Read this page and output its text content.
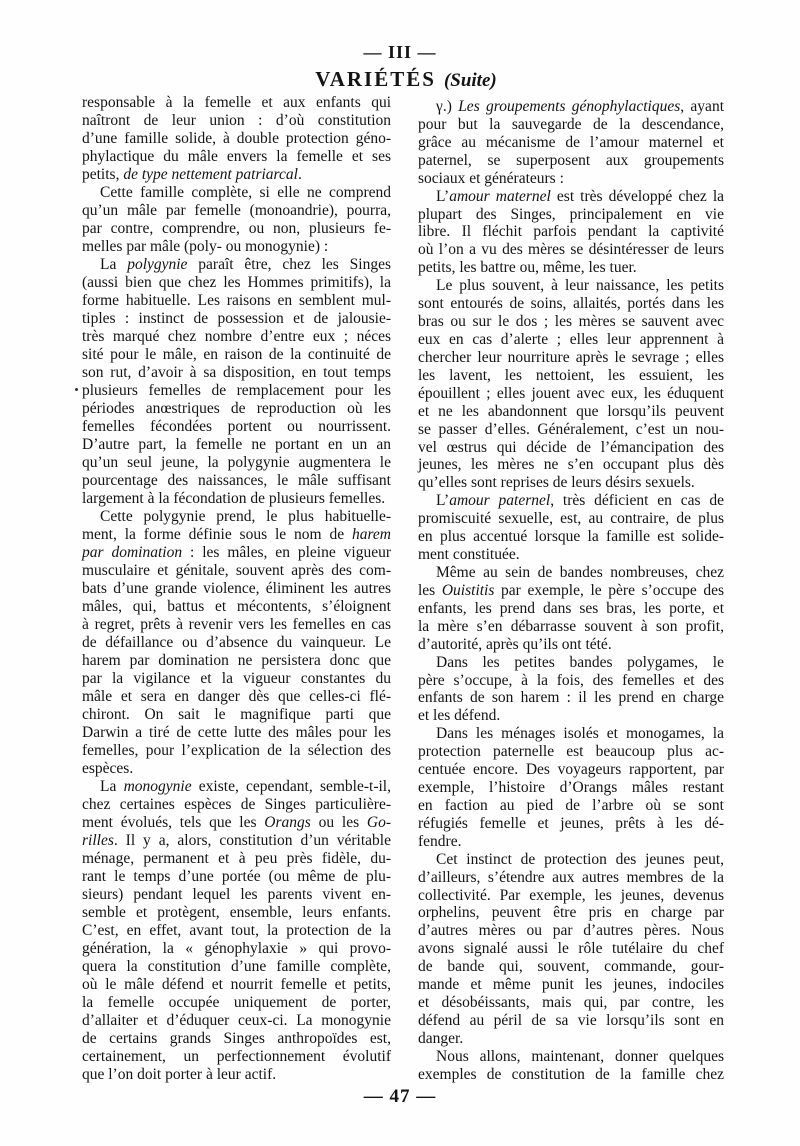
— III —
VARIÉTÉS (Suite)
responsable à la femelle et aux enfants qui
naîtront de leur union : d’où constitution
d’une famille solide, à double protection géno-
phylactique du mâle envers la femelle et ses
petits, de type nettement patriarcal.
Cette famille complète, si elle ne comprend
qu’un mâle par femelle (monoandrie), pourra,
par contre, comprendre, ou non, plusieurs fe-
melles par mâle (poly- ou monogynie) :
La polygynie paraît être, chez les Singes
(aussi bien que chez les Hommes primitifs), la
forme habituelle. Les raisons en semblent mul-
tiples : instinct de possession et de jalousie-
très marqué chez nombre d’entre eux ; néces
sité pour le mâle, en raison de la continuité de
son rut, d’avoir à sa disposition, en tout temps
plusieurs femelles de remplacement pour les
périodes anœstriques de reproduction où les
femelles fécondées portent ou nourrissent.
D’autre part, la femelle ne portant en un an
qu’un seul jeune, la polygynie augmentera le
pourcentage des naissances, le mâle suffisant
largement à la fécondation de plusieurs femelles.
Cette polygynie prend, le plus habituelle-
ment, la forme définie sous le nom de harem
par domination : les mâles, en pleine vigueur
musculaire et génitale, souvent après des com-
bats d’une grande violence, éliminent les autres
mâles, qui, battus et mécontents, s’éloignent
à regret, prêts à revenir vers les femelles en cas
de défaillance ou d’absence du vainqueur. Le
harem par domination ne persistera donc que
par la vigilance et la vigueur constantes du
mâle et sera en danger dès que celles-ci flé-
chiront. On sait le magnifique parti que
Darwin a tiré de cette lutte des mâles pour les
femelles, pour l’explication de la sélection des
espèces.
La monogynie existe, cependant, semble-t-il,
chez certaines espèces de Singes particulière-
ment évolués, tels que les Orangs ou les Go-
rilles. Il y a, alors, constitution d’un véritable
ménage, permanent et à peu près fidèle, du-
rant le temps d’une portée (ou même de plu-
sieurs) pendant lequel les parents vivent en-
semble et protègent, ensemble, leurs enfants.
C’est, en effet, avant tout, la protection de la
génération, la « génophylaxie » qui provo-
quera la constitution d’une famille complète,
où le mâle défend et nourrit femelle et petits,
la femelle occupée uniquement de porter,
d’allaiter et d’éduquer ceux-ci. La monogynie
de certains grands Singes anthropoïdes est,
certainement, un perfectionnement évolutif
que l’on doit porter à leur actif.
γ.) Les groupements génophylactiques, ayant
pour but la sauvegarde de la descendance,
grâce au mécanisme de l’amour maternel et
paternel, se superposent aux groupements
sociaux et générateurs :
L’amour maternel est très développé chez la
plupart des Singes, principalement en vie
libre. Il fléchit parfois pendant la captivité
où l’on a vu des mères se désintéresser de leurs
petits, les battre ou, même, les tuer.
Le plus souvent, à leur naissance, les petits
sont entourés de soins, allaités, portés dans les
bras ou sur le dos ; les mères se sauvent avec
eux en cas d’alerte ; elles leur apprennent à
chercher leur nourriture après le sevrage ; elles
les lavent, les nettoient, les essuient, les
épouillent ; elles jouent avec eux, les éduquent
et ne les abandonnent que lorsqu’ils peuvent
se passer d’elles. Généralement, c’est un nou-
vel œstrus qui décide de l’émancipation des
jeunes, les mères ne s’en occupant plus dès
qu’elles sont reprises de leurs désirs sexuels.
L’amour paternel, très déficient en cas de
promiscuité sexuelle, est, au contraire, de plus
en plus accentué lorsque la famille est solide-
ment constituée.
Même au sein de bandes nombreuses, chez
les Ouistitis par exemple, le père s’occupe des
enfants, les prend dans ses bras, les porte, et
la mère s’en débarrasse souvent à son profit,
d’autorité, après qu’ils ont tété.
Dans les petites bandes polygames, le
père s’occupe, à la fois, des femelles et des
enfants de son harem : il les prend en charge
et les défend.
Dans les ménages isolés et monogames, la
protection paternelle est beaucoup plus ac-
centuée encore. Des voyageurs rapportent, par
exemple, l’histoire d’Orangs mâles restant
en faction au pied de l’arbre où se sont
réfugiés femelle et jeunes, prêts à les dé-
fendre.
Cet instinct de protection des jeunes peut,
d’ailleurs, s’étendre aux autres membres de la
collectivité. Par exemple, les jeunes, devenus
orphelins, peuvent être pris en charge par
d’autres mères ou par d’autres pères. Nous
avons signalé aussi le rôle tutélaire du chef
de bande qui, souvent, commande, gour-
mande et même punit les jeunes, indociles
et désobéissants, mais qui, par contre, les
défend au péril de sa vie lorsqu’ils sont en
danger.
Nous allons, maintenant, donner quelques
exemples de constitution de la famille chez
— 47 —
